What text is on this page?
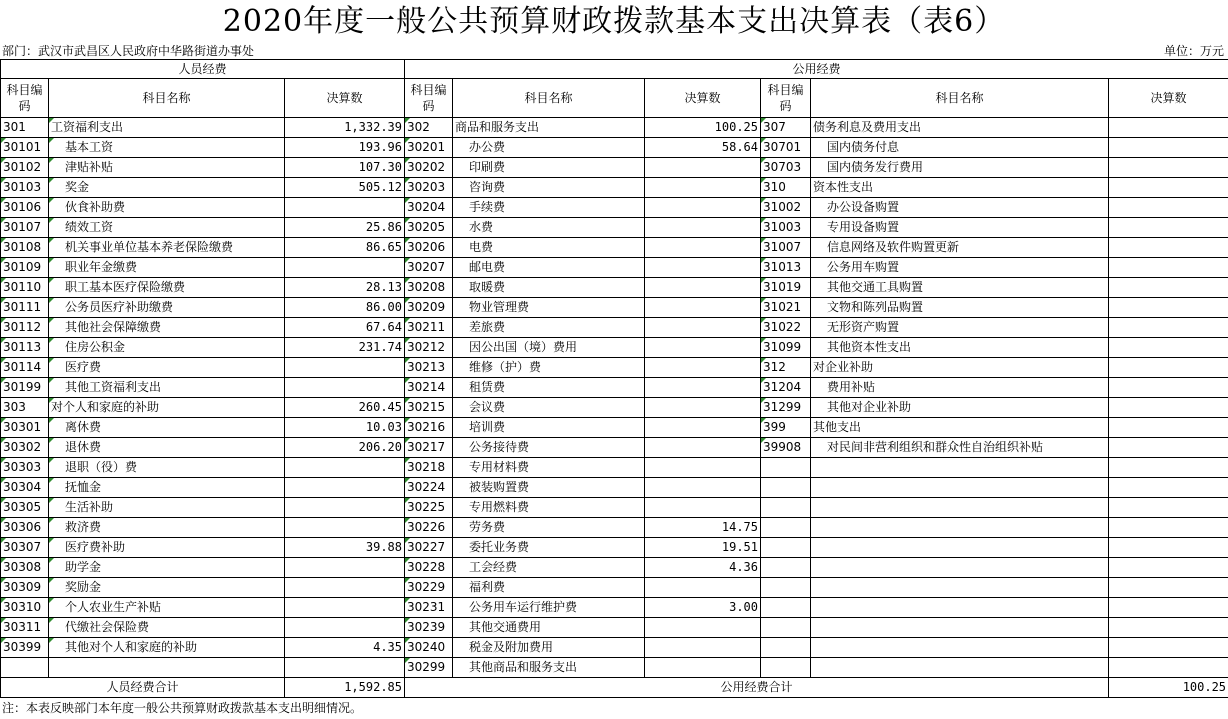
2020年度一般公共预算财政拨款基本支出决算表（表6）
部门：武汉市武昌区人民政府中华路街道办事处	单位：万元
人员经费			公用经费					
科目编码	科目名称	决算数	科目编码	科目名称	决算数	科目编码	科目名称	决算数
301	工资福利支出	1,332.39	302	商品和服务支出	100.25	307	债务利息及费用支出	
30101	基本工资	193.96	30201	办公费	58.64	30701	国内债务付息	
30102	津贴补贴	107.30	30202	印刷费		30703	国内债务发行费用	
30103	奖金	505.12	30203	咨询费		310	资本性支出	
30106	伙食补助费		30204	手续费		31002	办公设备购置	
30107	绩效工资	25.86	30205	水费		31003	专用设备购置	
30108	机关事业单位基本养老保险缴费	86.65	30206	电费		31007	信息网络及软件购置更新	
30109	职业年金缴费		30207	邮电费		31013	公务用车购置	
30110	职工基本医疗保险缴费	28.13	30208	取暖费		31019	其他交通工具购置	
30111	公务员医疗补助缴费	86.00	30209	物业管理费		31021	文物和陈列品购置	
30112	其他社会保障缴费	67.64	30211	差旅费		31022	无形资产购置	
30113	住房公积金	231.74	30212	因公出国（境）费用		31099	其他资本性支出	
30114	医疗费		30213	维修（护）费		312	对企业补助	
30199	其他工资福利支出		30214	租赁费		31204	费用补贴	
303	对个人和家庭的补助	260.45	30215	会议费		31299	其他对企业补助	
30301	离休费	10.03	30216	培训费		399	其他支出	
30302	退休费	206.20	30217	公务接待费		39908	对民间非营利组织和群众性自治组织补贴	
30303	退职（役）费		30218	专用材料费				
30304	抚恤金		30224	被装购置费				
30305	生活补助		30225	专用燃料费				
30306	救济费		30226	劳务费	14.75			
30307	医疗费补助	39.88	30227	委托业务费	19.51			
30308	助学金		30228	工会经费	4.36			
30309	奖励金		30229	福利费				
30310	个人农业生产补贴		30231	公务用车运行维护费	3.00			
30311	代缴社会保险费		30239	其他交通费用				
30399	其他对个人和家庭的补助	4.35	30240	税金及附加费用				
			30299	其他商品和服务支出				
人员经费合计		1,592.85	公用经费合计					100.25
注：本表反映部门本年度一般公共预算财政拨款基本支出明细情况。
